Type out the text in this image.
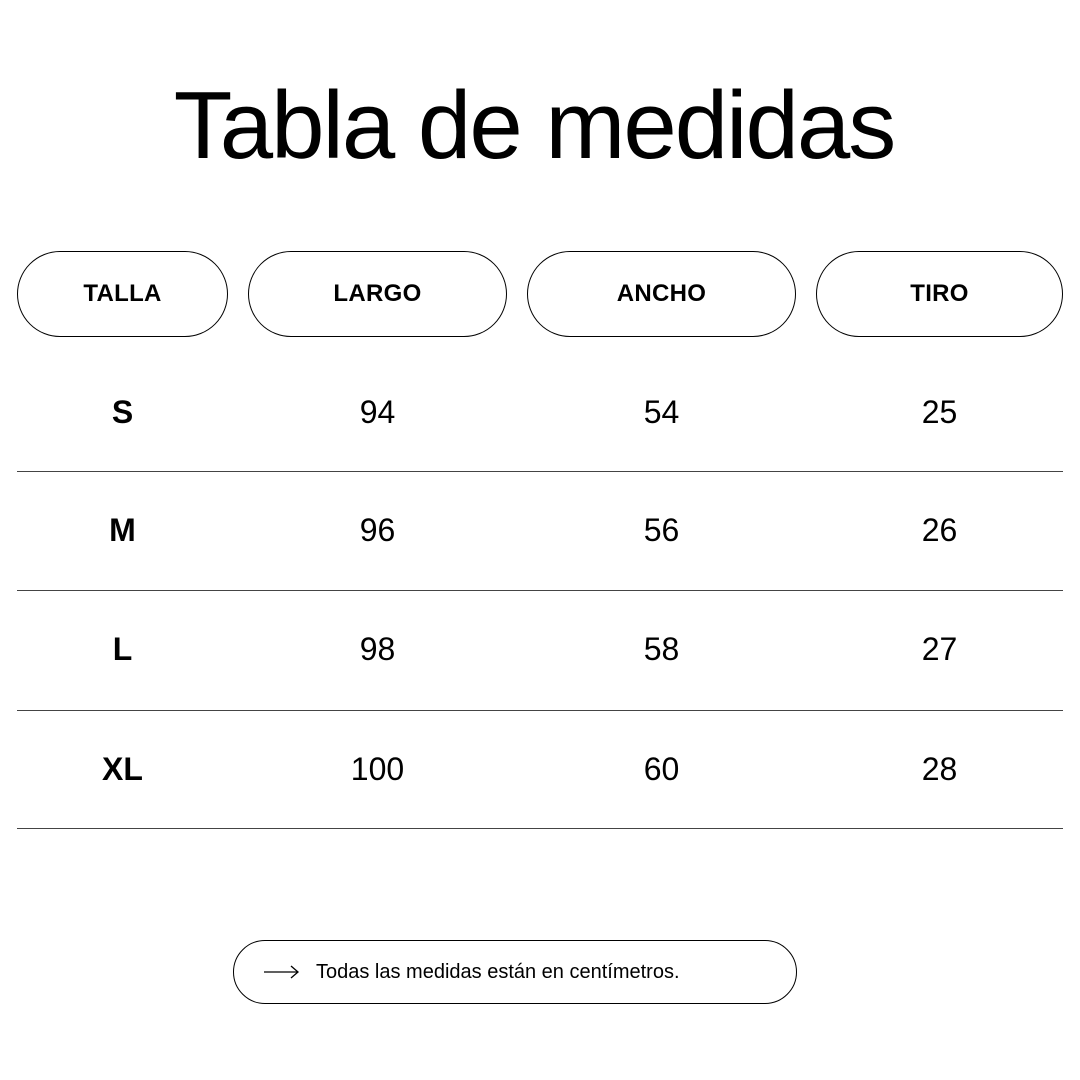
Tabla de medidas
TALLA	LARGO	ANCHO	TIRO
S	94	54	25
M	96	56	26
L	98	58	27
XL	100	60	28
Todas las medidas están en centímetros.
